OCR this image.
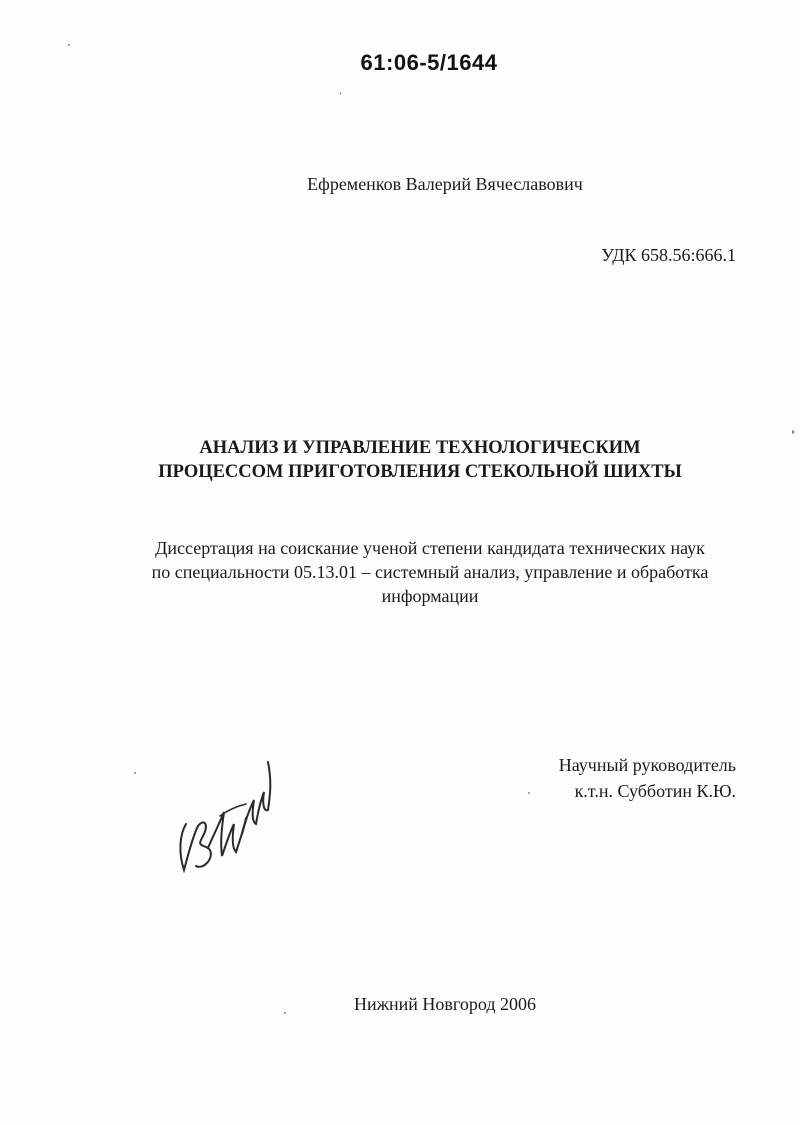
61:06-5/1644
Ефременков Валерий Вячеславович
УДК 658.56:666.1
АНАЛИЗ И УПРАВЛЕНИЕ ТЕХНОЛОГИЧЕСКИМ
ПРОЦЕССОМ ПРИГОТОВЛЕНИЯ СТЕКОЛЬНОЙ ШИХТЫ
Диссертация на соискание ученой степени кандидата технических наук
по специальности 05.13.01 – системный анализ, управление и обработка
информации
Научный руководитель
к.т.н. Субботин К.Ю.
Нижний Новгород 2006
